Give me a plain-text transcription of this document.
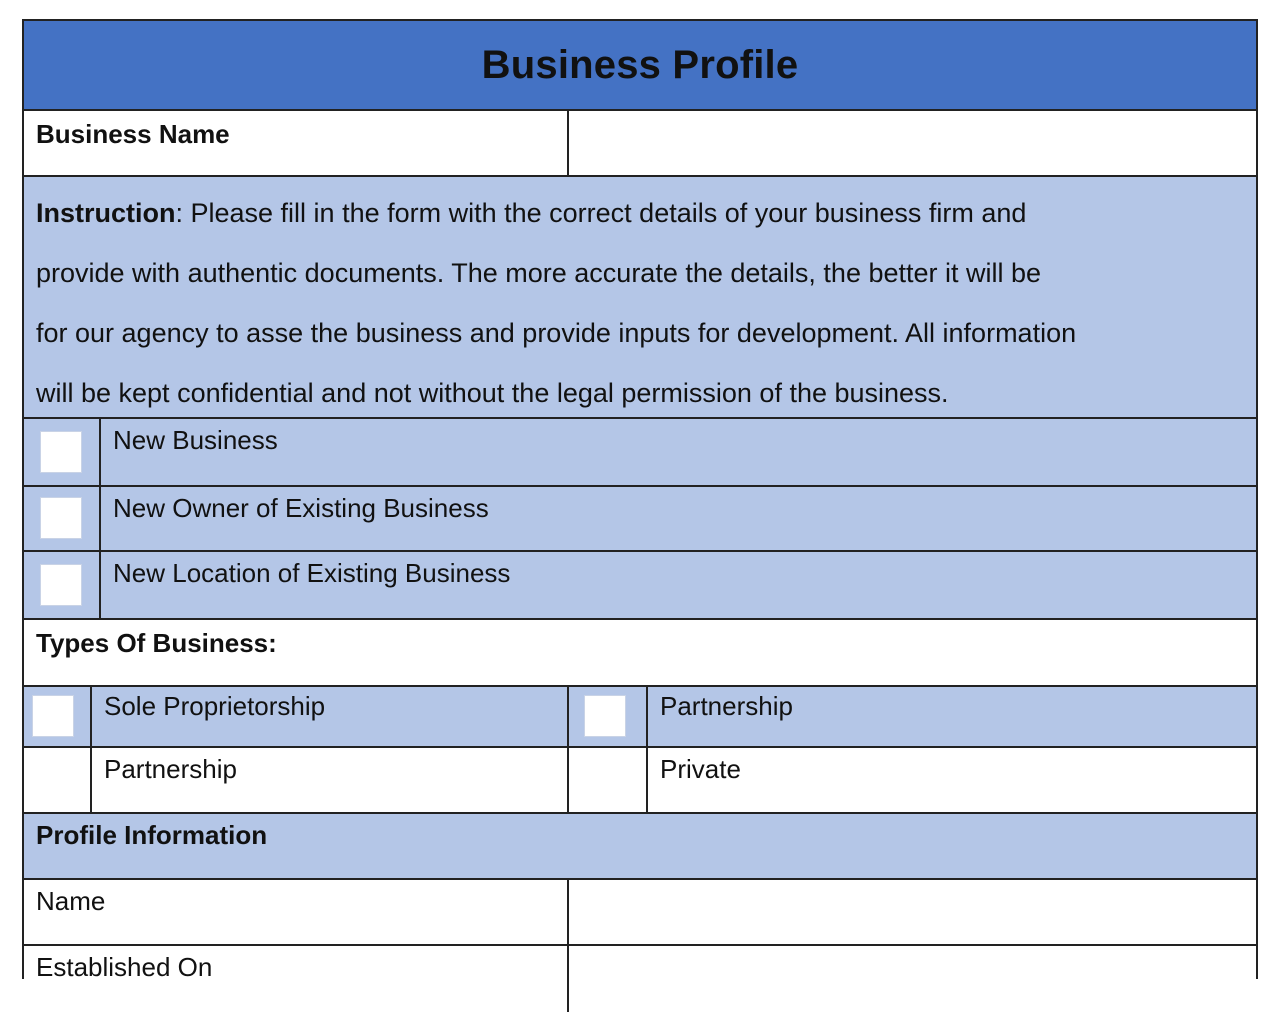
Business Profile
Business Name

Instruction: Please fill in the form with the correct details of your business firm and

provide with authentic documents. The more accurate the details, the better it will be

for our agency to asse the business and provide inputs for development. All information

will be kept confidential and not without the legal permission of the business.

New Business
New Owner of Existing Business
New Location of Existing Business
Types Of Business:
Sole Proprietorship	Partnership
Partnership	Private
Profile Information
Name
Established On
